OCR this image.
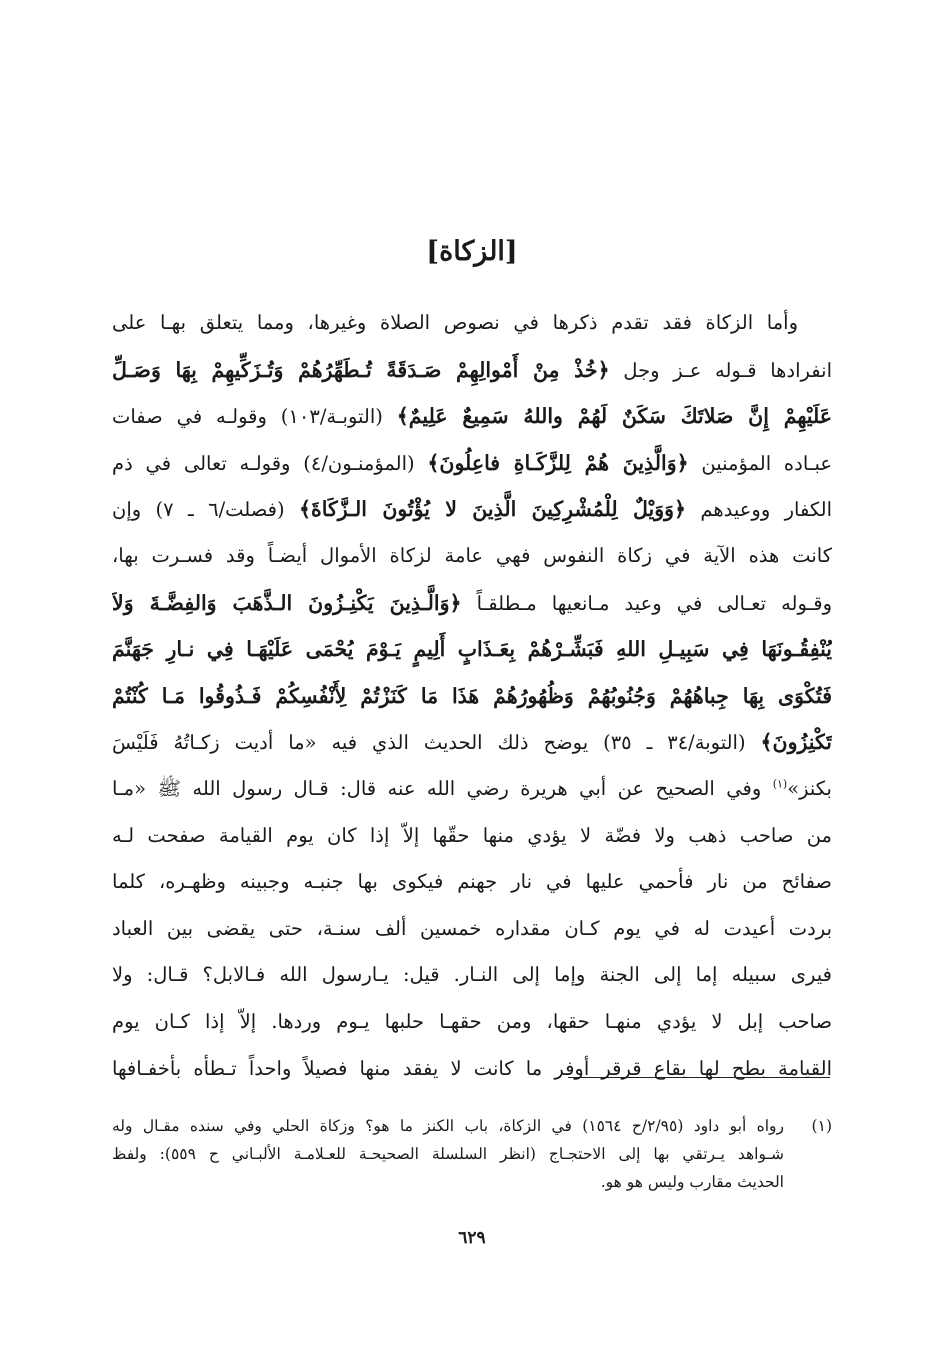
[الزكاة]
وأما الزكاة فقد تقدم ذكرها في نصوص الصلاة وغيرها، ومما يتعلق بهـا على
انفرادها قـوله عـز وجل ﴿خُذْ مِنْ أَمْوالِهِمْ صَـدَقَةً تُـطَهِّرُهُمْ وَتُـزَكِّيهِمْ بِهَا وَصَـلِّ
عَلَيْهِمْ إِنَّ صَلاتَكَ سَكَنٌ لَهُمْ واللهُ سَمِيعٌ عَلِيمٌ﴾ (التوبـة/١٠٣) وقولـه في صفات
عبـاده المؤمنين ﴿وَالَّذِينَ هُمْ لِلزَّكَـاةِ فاعِلُونَ﴾ (المؤمنـون/٤) وقولـه تعالى في ذم
الكفار ووعيدهم ﴿وَوَيْلٌ لِلْمُشْرِكِينَ الَّذِينَ لا يُؤْتُونَ الـزَّكَاةَ﴾ (فصلت/٦ ـ ٧) وإن
كانت هذه الآية في زكاة النفوس فهي عامة لزكاة الأموال أيضـاً وقد فسـرت بها،
وقـوله تعـالى في وعيد مـانعيها مـطلقـاً ﴿وَالَّـذِينَ يَكْنِـزُونَ الـذَّهَبَ وَالفِضَّـةَ وَلاَ
يُنْفِقُـونَهَا فِي سَبِيـلِ اللهِ فَبَشِّـرْهُمْ بِعَـذَابٍ أَلِيمٍ يَـوْمَ يُحْمَى عَلَيْهَـا فِي نـارِ جَهَنَّمَ
فَتُكْوَى بِهَا جِباهُهُمْ وَجُنُوبُهُمْ وَظُهُورُهُمْ هَذَا مَا كَنَزْتُمْ لِأَنْفُسِكُمْ فَـذُوقُوا مَـا كُنْتُمْ
تَكْنِزُونَ﴾ (التوبة/٣٤ ـ ٣٥) يوضح ذلك الحديث الذي فيه «ما أديت زكـاتُهُ فَلَيْسَ
بكنز»$^{(١)}$ وفي الصحيح عن أبي هريرة رضي الله عنه قال: قـال رسول الله ﷺ «مـا
من صاحب ذهب ولا فضّة لا يؤدي منها حقّها إلاّ إذا كان يوم القيامة صفحت لـه
صفائح من نار فأحمي عليها في نار جهنم فيكوى بها جنبـه وجبينه وظهـره، كلما
بردت أعيدت له في يوم كـان مقداره خمسين ألف سنـة، حتى يقضى بين العباد
فيرى سبيله إما إلى الجنة وإما إلى النـار. قيل: يـارسول الله فـالابل؟ قـال: ولا
صاحب إبل لا يؤدي منهـا حقها، ومن حقهـا حلبها يـوم وردها. إلاّ إذا كـان يوم
القيامة بطح لها بقاع قرقر أوفر ما كانت لا يفقد منها فصيلاً واحداً تـطأه بأخفـافها
(١)
رواه أبو داود (٢/٩٥/ح ١٥٦٤) في الزكاة، باب الكنز ما هو؟ وزكاة الحلي وفي سنده مقـال وله
شـواهد يـرتقي بها إلى الاحتجـاج (انظر السلسلة الصحيحـة للعـلامـة الألبـاني ح ٥٥٩): ولفظ
الحديث مقارب وليس هو هو.
٦٢٩
